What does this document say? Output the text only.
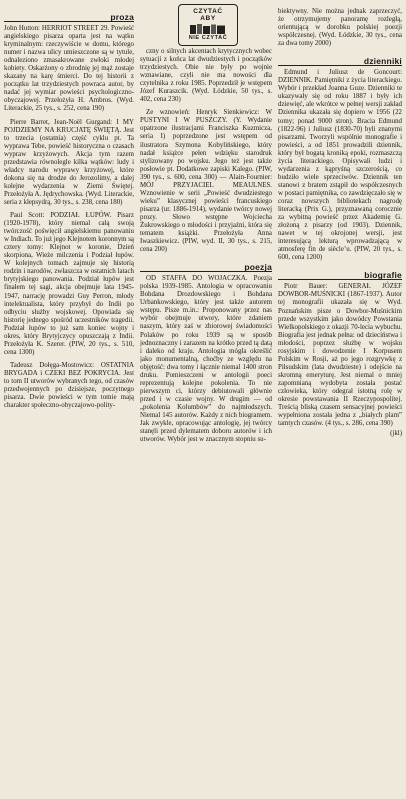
proza

John Hutton: HERRIOT STREET 29. Powieść angielskiego pisarza oparta jest na wątku kryminalnym: rzeczywiście w domu, którego numer i nazwa ulicy umieszczone są w tytule, odnaleziono zmasakrowane zwłoki młodej kobiety. Oskarżony o zbrodnię jej mąż zostaje skazany na karę śmierci. Do tej historii z początku lat trzydziestych powraca autor, by nadać jej wymiar powieści psychologiczno-obyczajowej. Przełożyła H. Ambros. (Wyd. Literackie, 25 tys., s. 252, cena 190)

Pierre Barret, Jean-Noël Gurgand: I MY POJDZIEMY NA KRUCJATĘ ŚWIĘTĄ. Jest to trzecia (ostatnia) część cyklu pt. Ta wyprawa Tebe, powieść historyczna o czasach wypraw krzyżowych. Akcja tym razem przedstawia równolegle kilka wątków: ludy i władcy narodu wyprawy krzyżowej, które dokona się na drodze do Jerozolimy, a dalej kolejne wydarzenia w Ziemi Świętej. Przełożyła A. Jędrychowska. (Wyd. Literackie, seria z kłepsydrą, 30 tys., s. 238, cena 180)

Paul Scott: PODZIAŁ ŁUPÓW. Pisarz (1920-1978), który niemal całą swoją twórczość poświęcił angielskiemu panowaniu w Indiach. To już jego Klejnotem koronnym są cztery tomy: Klejnot w koronie, Dzień skorpiona, Wieże milczenia i Podział łupów. W kolejnych tomach zajmuje się historią rodzin i narodów, zwłaszcza w ostatnich latach brytyjskiego panowania. Podział łupów jest finałem tej sagi, akcja obejmuje lata 1945-1947, narrację prowadzi Guy Perron, młody intelektualista, który przybył do Indii po odbyciu służby wojskowej. Opowiada się historię jednego spośród uczestników tragedii. Podział łupów to już sam koniec wojny i okres, który Brytyjczycy opuszczają z Indii. Przełożyła K. Szerer. (PIW, 20 tys., s. 510, cena 1300)

Tadeusz Dołęga-Mostowicz: OSTATNIA BRYGADA i CZEKI BEZ POKRYCIA. Jest to tom II utworów wybranych tego, od czasów przedwojennych po dzisiejsze, poczytnego pisarza. Dwie powieści w tym tomie mają charakter społeczno-obyczajowo-polity-

CZYTAĆ
ABY
NIE CZYTAĆ

czny o silnych akcentach krytycznych wobec sytuacji z końca lat dwudziestych i początków trzydziestych. Obie nie były po wojnie wznawiane, czyli nie ma nowości dla czytelnika z roku 1985. Poprzedził je wstępem Józef Kuraszcik. (Wyd. Łódzkie, 50 tys., s. 402, cena 230)

Ze wznowień: Henryk Sienkiewicz: W PUSTYNI I W PUSZCZY. (Y. Wydanie opatrzone ilustracjami Franciszka Kuzmicza, seria I) poprzedzone jest wstępem od ilustratora Szymona Kobylińskiego, który nadał książce pełen wdzięku starodruk stylizowany po wojsku. Jego też jest także posłowie pt. Dodatkowe zapiski Kalego. (PIW, 390 tys., s. 600, cena 300) — Alain-Fournier: MÓJ PRZYJACIEL MEAULNES. Wznowienie w serii „Powieść dwudziestego wieku” klasycznej powieści francuskiego pisarza (ur. 1886-1914), wydanie twórcy nowej prozy. Słowo wstępne Wojciecha Żukrowskiego o młodości i przyjaźni, która się tematem książki. Przełożyła Anna Iwaszkiewicz. (PIW, wyd. II, 30 tys., s. 215, cena 200)

poezja

OD STAFFA DO WOJACZKA. Poezja polska 1939-1985. Antologia w opracowaniu Bohdana Drozdowskiego i Bohdana Urbankowskiego, który jest także autorem wstępu. Pisze m.in.: Proponowany przez nas wybór obejmuje utwory, które zdaniem naszym, który zaś w zbiorowej świadomości Polaków po roku 1939 są w sposób jednoznaczny i zarazem na krótko przed tą datą i daleko od kraju. Antologia mógła określić jako monumentalną, choćby ze względu na objętość: dwa tomy i łącznie niemal 1400 stron druku. Pomieszczeni w antologii poeci reprezentują kolejne pokolenia. To nie pierwszym ci, którzy debiutowali głównie przed i w czasie wojny. W drugim — od „pokolenia Kolumbów” do najmłodszych. Niemal 145 autorów. Każdy z nich biogramem. Jak zwykle, opracowując antologię, jej twórcy stanęli przed dylematem doboru autorów i ich utworów. Wybór jest w znacznym stopniu su-

biektywny. Nie można jednak zaprzeczyć, że otrzymujemy panoramę rozległą, orientującą w dorobku polskiej poezji współczesnej. (Wyd. Łódzkie, 30 tys., cena za dwa tomy 2000)

dzienniki

Edmund i Juliusz de Goncourt: DZIENNIK. Pamiętniki z życia literackiego. Wybór i przekład Joanna Guze. Dzienniki te ukazywały się od roku 1887 i były ich dziewięć, ale wkrótce w pełnej wersji zakład Dziennika ukazała się dopiero w 1956 (22 tomy; ponad 9000 stron). Bracia Edmund (1822-96) i Juliusz (1830-70) byli znanymi pisarzami. Tworzyli wspólnie monografie i powieści, a od 1851 prowadzili dziennik, który był bogatą kroniką epoki, rozmaszczą życia literackiego. Opisywali ludzi i wydarzenia z kąpryśną szczerością, co budziło wiele sprzeciwów. Dziennik ten stanowi z bratem zstąpił do współczesnych w postaci pamiętnika, co zawdzięczało się w coraz nowszych bibliotekach nagrodę literacką (Prix G.), przyznawaną corocznie za wybitną powieść przez Akademię G. złożoną z pisarzy (od 1903). Dziennik, nawet w tej okrojonej wersji, jest interesującą lekturą wprowadzającą w atmosferę fin de siècle’u. (PIW, 20 tys., s. 600, cena 1200)

biografie

Piotr Bauer: GENERAŁ JÓZEF DOWBOR-MUŚNICKI (1867-1937). Autor tej monografii ukazała się w Wyd. Poznańskim pisze o Dowbor-Muśnickim przede wszystkim jako dowódcy Powstania Wielkopolskiego z okazji 70-lecia wybuchu. Biografia jest jednak pełna: od dzieciństwa i młodości, poprzez służbę w wojsku rosyjskim i dowodzenie I Korpusem Polskim w Rosji, aż po jego rozgrywkę z Piłsudskim (lata dwudzieste) i odejście na skromną emeryturę. Jest niemal o mniej zapomnianą wydobyta została postać człowieka, który odegrał istotną rolę w okresie powstawania II Rzeczypospolitej. Treścią bliską czasem sensacyjnej powieści wypełniona została jedna z „białych plam” tamtych czasów. (4 tys., s. 286, cena 390)

(jkl)
